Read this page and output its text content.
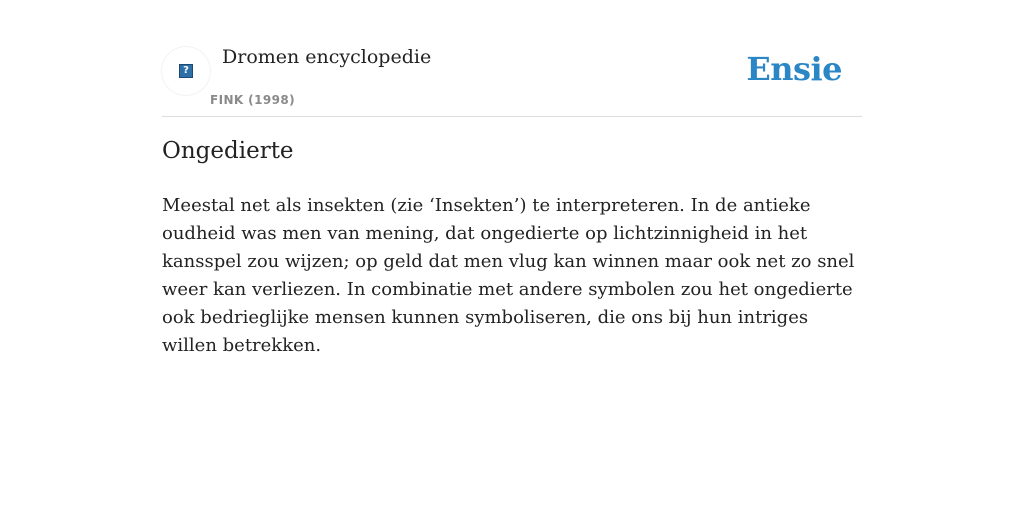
?
Dromen encyclopedie
FINK (1998)
Ensie
Ongedierte

Meestal net als insekten (zie ‘Insekten’) te interpreteren. In de antieke oudheid was men van mening, dat ongedierte op lichtzinnigheid in het kansspel zou wijzen; op geld dat men vlug kan winnen maar ook net zo snel weer kan verliezen. In combinatie met andere symbolen zou het ongedierte ook bedrieglijke mensen kunnen symboliseren, die ons bij hun intriges willen betrekken.
